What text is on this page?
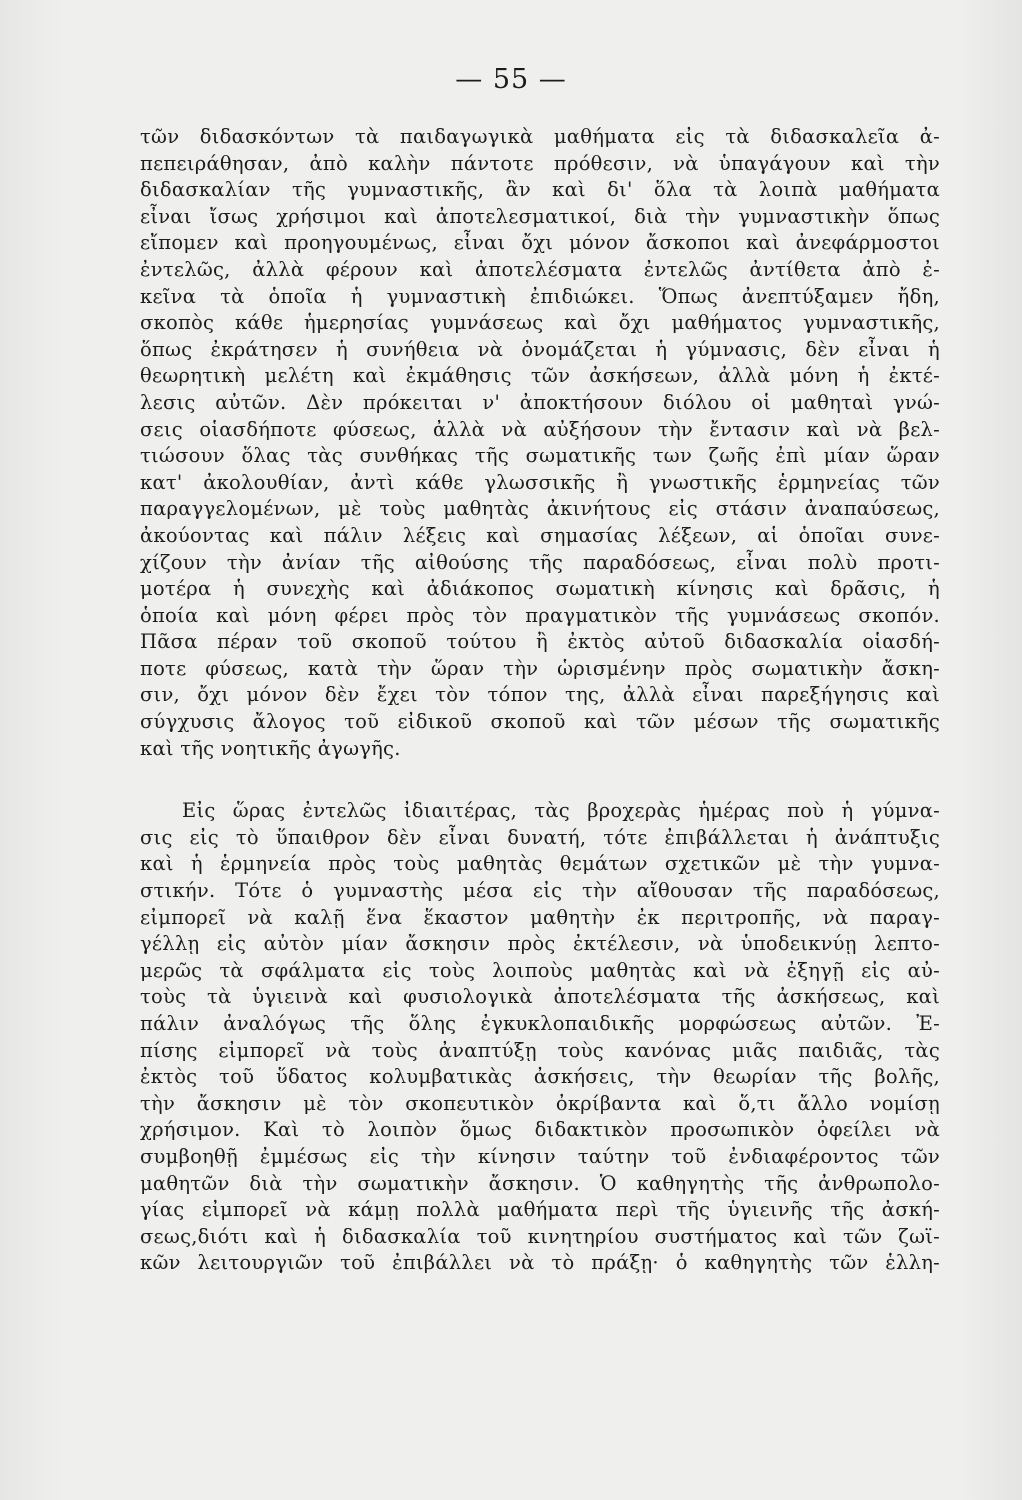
— 55 —
τῶν διδασκόντων τὰ παιδαγωγικὰ μαθήματα εἰς τὰ διδασκαλεῖα ἀ-
πεπειράθησαν, ἀπὸ καλὴν πάντοτε πρόθεσιν, νὰ ὑπαγάγουν καὶ τὴν
διδασκαλίαν τῆς γυμναστικῆς, ἂν καὶ δι' ὅλα τὰ λοιπὰ μαθήματα
εἶναι ἴσως χρήσιμοι καὶ ἀποτελεσματικοί, διὰ τὴν γυμναστικὴν ὅπως
εἴπομεν καὶ προηγουμένως, εἶναι ὄχι μόνον ἄσκοποι καὶ ἀνεφάρμοστοι
ἐντελῶς, ἀλλὰ φέρουν καὶ ἀποτελέσματα ἐντελῶς ἀντίθετα ἀπὸ ἐ-
κεῖνα τὰ ὁποῖα ἡ γυμναστικὴ ἐπιδιώκει. Ὅπως ἀνεπτύξαμεν ἤδη,
σκοπὸς κάθε ἡμερησίας γυμνάσεως καὶ ὄχι μαθήματος γυμναστικῆς,
ὅπως ἐκράτησεν ἡ συνήθεια νὰ ὀνομάζεται ἡ γύμνασις, δὲν εἶναι ἡ
θεωρητικὴ μελέτη καὶ ἐκμάθησις τῶν ἀσκήσεων, ἀλλὰ μόνη ἡ ἐκτέ-
λεσις αὐτῶν. Δὲν πρόκειται ν' ἀποκτήσουν διόλου οἱ μαθηταὶ γνώ-
σεις οἱασδήποτε φύσεως, ἀλλὰ νὰ αὐξήσουν τὴν ἔντασιν καὶ νὰ βελ-
τιώσουν ὅλας τὰς συνθήκας τῆς σωματικῆς των ζωῆς ἐπὶ μίαν ὥραν
κατ' ἀκολουθίαν, ἀντὶ κάθε γλωσσικῆς ἢ γνωστικῆς ἑρμηνείας τῶν
παραγγελομένων, μὲ τοὺς μαθητὰς ἀκινήτους εἰς στάσιν ἀναπαύσεως,
ἀκούοντας καὶ πάλιν λέξεις καὶ σημασίας λέξεων, αἱ ὁποῖαι συνε-
χίζουν τὴν ἀνίαν τῆς αἰθούσης τῆς παραδόσεως, εἶναι πολὺ προτι-
μοτέρα ἡ συνεχὴς καὶ ἀδιάκοπος σωματικὴ κίνησις καὶ δρᾶσις, ἡ
ὁποία καὶ μόνη φέρει πρὸς τὸν πραγματικὸν τῆς γυμνάσεως σκοπόν.
Πᾶσα πέραν τοῦ σκοποῦ τούτου ἢ ἐκτὸς αὐτοῦ διδασκαλία οἱασδή-
ποτε φύσεως, κατὰ τὴν ὥραν τὴν ὡρισμένην πρὸς σωματικὴν ἄσκη-
σιν, ὄχι μόνον δὲν ἔχει τὸν τόπον της, ἀλλὰ εἶναι παρεξήγησις καὶ
σύγχυσις ἄλογος τοῦ εἰδικοῦ σκοποῦ καὶ τῶν μέσων τῆς σωματικῆς
καὶ τῆς νοητικῆς ἀγωγῆς.
Εἰς ὥρας ἐντελῶς ἰδιαιτέρας, τὰς βροχερὰς ἡμέρας ποὺ ἡ γύμνα-
σις εἰς τὸ ὕπαιθρον δὲν εἶναι δυνατή, τότε ἐπιβάλλεται ἡ ἀνάπτυξις
καὶ ἡ ἑρμηνεία πρὸς τοὺς μαθητὰς θεμάτων σχετικῶν μὲ τὴν γυμνα-
στικήν. Τότε ὁ γυμναστὴς μέσα εἰς τὴν αἴθουσαν τῆς παραδόσεως,
εἰμπορεῖ νὰ καλῇ ἕνα ἕκαστον μαθητὴν ἐκ περιτροπῆς, νὰ παραγ-
γέλλῃ εἰς αὐτὸν μίαν ἄσκησιν πρὸς ἐκτέλεσιν, νὰ ὑποδεικνύῃ λεπτο-
μερῶς τὰ σφάλματα εἰς τοὺς λοιποὺς μαθητὰς καὶ νὰ ἐξηγῇ εἰς αὐ-
τοὺς τὰ ὑγιεινὰ καὶ φυσιολογικὰ ἀποτελέσματα τῆς ἀσκήσεως, καὶ
πάλιν ἀναλόγως τῆς ὅλης ἐγκυκλοπαιδικῆς μορφώσεως αὐτῶν. Ἐ-
πίσης εἰμπορεῖ νὰ τοὺς ἀναπτύξῃ τοὺς κανόνας μιᾶς παιδιᾶς, τὰς
ἐκτὸς τοῦ ὕδατος κολυμβατικὰς ἀσκήσεις, τὴν θεωρίαν τῆς βολῆς,
τὴν ἄσκησιν μὲ τὸν σκοπευτικὸν ὀκρίβαντα καὶ ὅ,τι ἄλλο νομίσῃ
χρήσιμον. Καὶ τὸ λοιπὸν ὅμως διδακτικὸν προσωπικὸν ὀφείλει νὰ
συμβοηθῇ ἐμμέσως εἰς τὴν κίνησιν ταύτην τοῦ ἐνδιαφέροντος τῶν
μαθητῶν διὰ τὴν σωματικὴν ἄσκησιν. Ὁ καθηγητὴς τῆς ἀνθρωπολο-
γίας εἰμπορεῖ νὰ κάμῃ πολλὰ μαθήματα περὶ τῆς ὑγιεινῆς τῆς ἀσκή-
σεως,διότι καὶ ἡ διδασκαλία τοῦ κινητηρίου συστήματος καὶ τῶν ζωϊ-
κῶν λειτουργιῶν τοῦ ἐπιβάλλει νὰ τὸ πράξῃ· ὁ καθηγητὴς τῶν ἑλλη-
